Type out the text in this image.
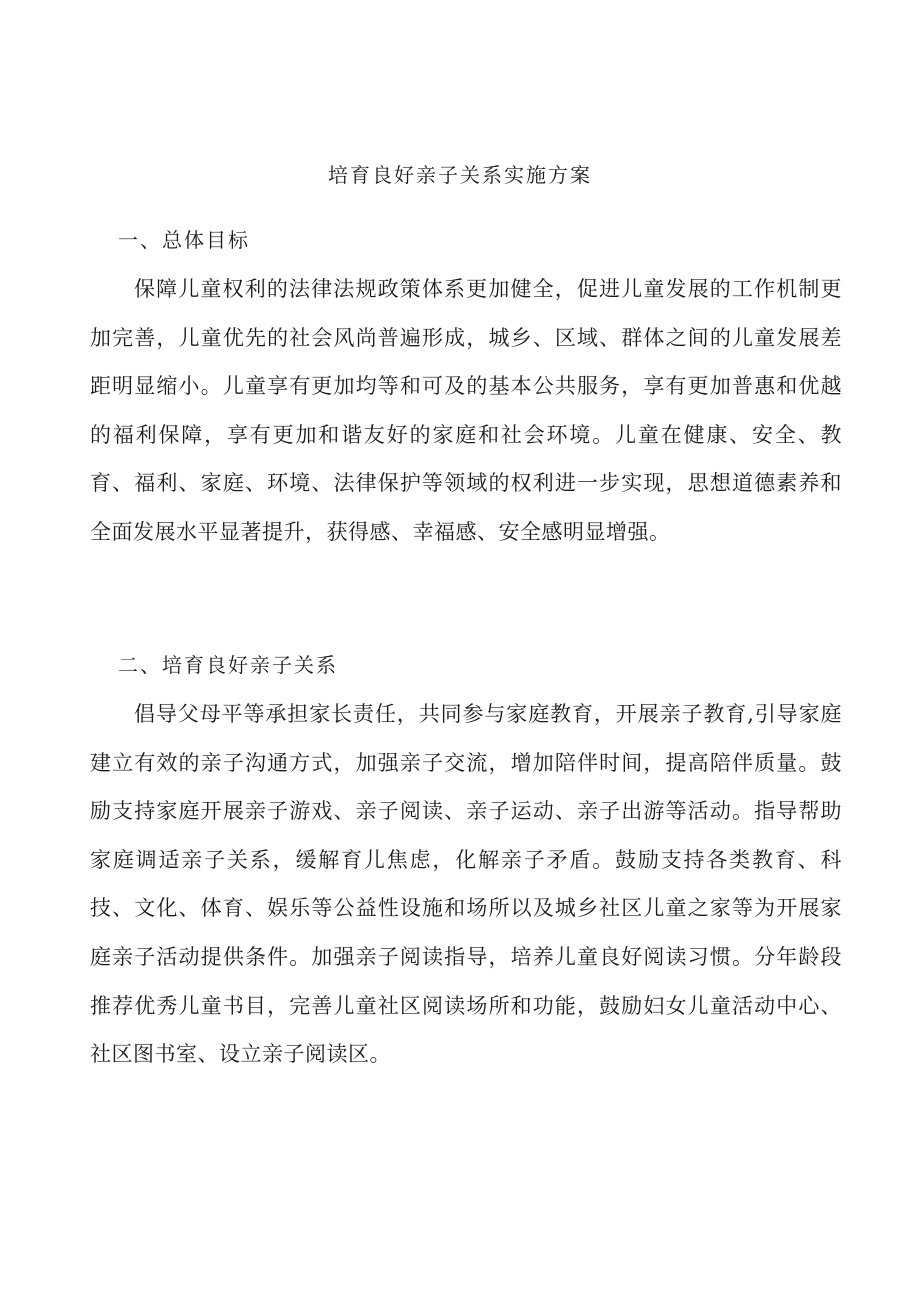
培育良好亲子关系实施方案
一、总体目标

保障儿童权利的法律法规政策体系更加健全，促进儿童发展的工作机制更加完善，儿童优先的社会风尚普遍形成，城乡、区域、群体之间的儿童发展差距明显缩小。儿童享有更加均等和可及的基本公共服务，享有更加普惠和优越的福利保障，享有更加和谐友好的家庭和社会环境。儿童在健康、安全、教育、福利、家庭、环境、法律保护等领域的权利进一步实现，思想道德素养和全面发展水平显著提升，获得感、幸福感、安全感明显增强。

二、培育良好亲子关系

倡导父母平等承担家长责任，共同参与家庭教育，开展亲子教育,引导家庭建立有效的亲子沟通方式，加强亲子交流，增加陪伴时间，提高陪伴质量。鼓励支持家庭开展亲子游戏、亲子阅读、亲子运动、亲子出游等活动。指导帮助家庭调适亲子关系，缓解育儿焦虑，化解亲子矛盾。鼓励支持各类教育、科技、文化、体育、娱乐等公益性设施和场所以及城乡社区儿童之家等为开展家庭亲子活动提供条件。加强亲子阅读指导，培养儿童良好阅读习惯。分年龄段推荐优秀儿童书目，完善儿童社区阅读场所和功能，鼓励妇女儿童活动中心、社区图书室、设立亲子阅读区。
